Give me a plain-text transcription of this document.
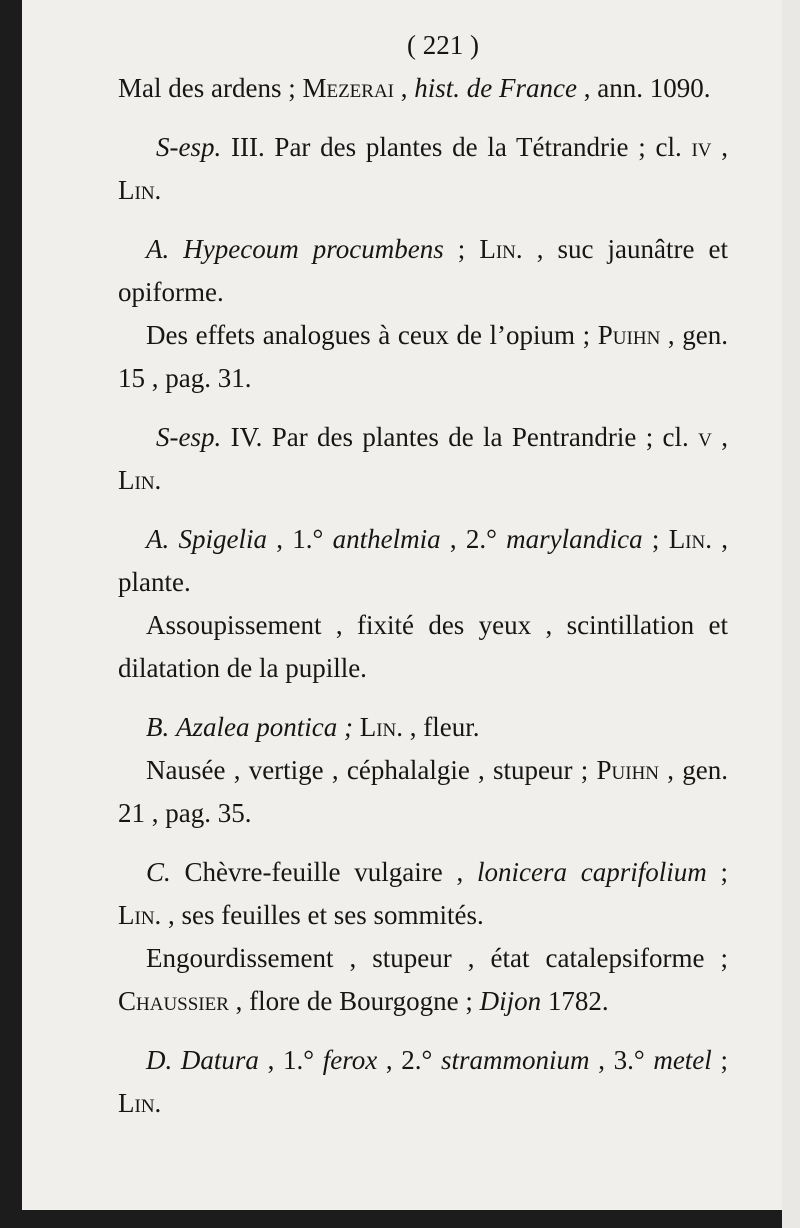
( 221 )

Mal des ardens ; Mezerai , hist. de France , ann. 1090.

S-esp. III. Par des plantes de la Tétrandrie ; cl. iv , Lin.

A. Hypecoum procumbens ; Lin. , suc jaunâtre et opiforme.

Des effets analogues à ceux de l’opium ; Puihn , gen. 15 , pag. 31.

S-esp. IV. Par des plantes de la Pentrandrie ; cl. v , Lin.

A. Spigelia , 1.° anthelmia , 2.° marylandica ; Lin. , plante.

Assoupissement , fixité des yeux , scintillation et dilatation de la pupille.

B. Azalea pontica ; Lin. , fleur.

Nausée , vertige , céphalalgie , stupeur ; Puihn , gen. 21 , pag. 35.

C. Chèvre-feuille vulgaire , lonicera caprifolium ; Lin. , ses feuilles et ses sommités.

Engourdissement , stupeur , état catalepsiforme ; Chaussier , flore de Bourgogne ; Dijon 1782.

D. Datura , 1.° ferox , 2.° strammonium , 3.° metel ; Lin.
